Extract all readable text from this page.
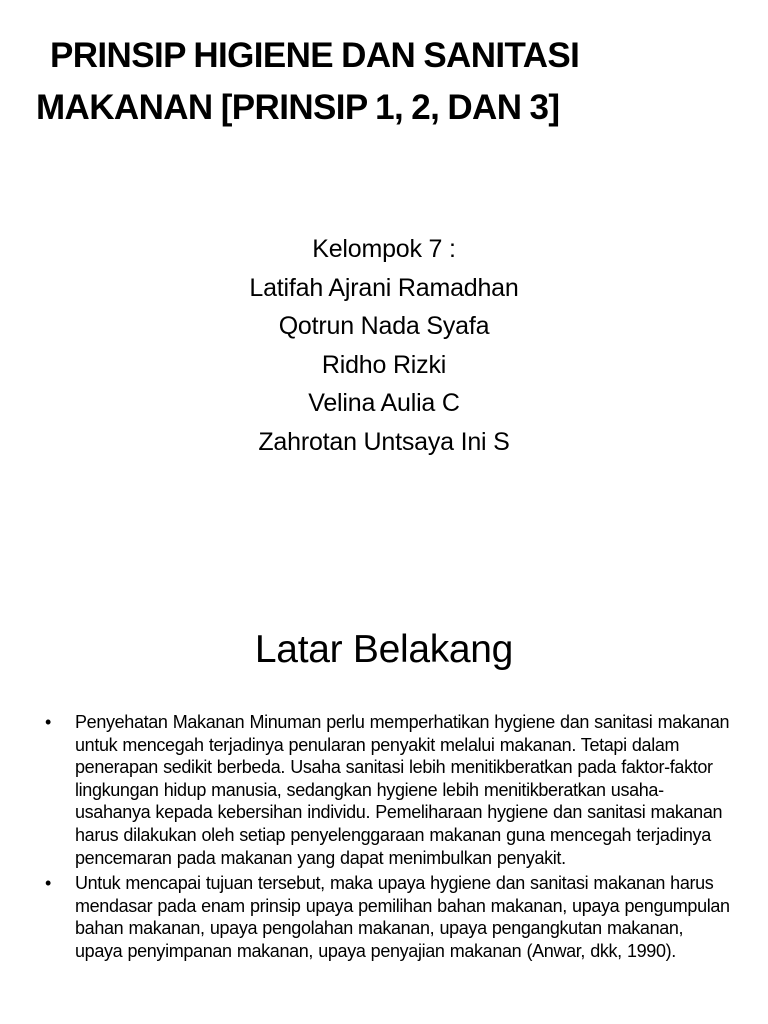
PRINSIP HIGIENE DAN SANITASI
MAKANAN [PRINSIP 1, 2, DAN 3]
Kelompok 7 :
Latifah Ajrani Ramadhan
Qotrun Nada Syafa
Ridho Rizki
Velina Aulia C
Zahrotan Untsaya Ini S
Latar Belakang
• Penyehatan Makanan Minuman perlu memperhatikan hygiene dan sanitasi makanan untuk mencegah terjadinya penularan penyakit melalui makanan. Tetapi dalam penerapan sedikit berbeda. Usaha sanitasi lebih menitikberatkan pada faktor-faktor lingkungan hidup manusia, sedangkan hygiene lebih menitikberatkan usaha-usahanya kepada kebersihan individu. Pemeliharaan hygiene dan sanitasi makanan harus dilakukan oleh setiap penyelenggaraan makanan guna mencegah terjadinya pencemaran pada makanan yang dapat menimbulkan penyakit.
• Untuk mencapai tujuan tersebut, maka upaya hygiene dan sanitasi makanan harus mendasar pada enam prinsip upaya pemilihan bahan makanan, upaya pengumpulan bahan makanan, upaya pengolahan makanan, upaya pengangkutan makanan, upaya penyimpanan makanan, upaya penyajian makanan (Anwar, dkk, 1990).
